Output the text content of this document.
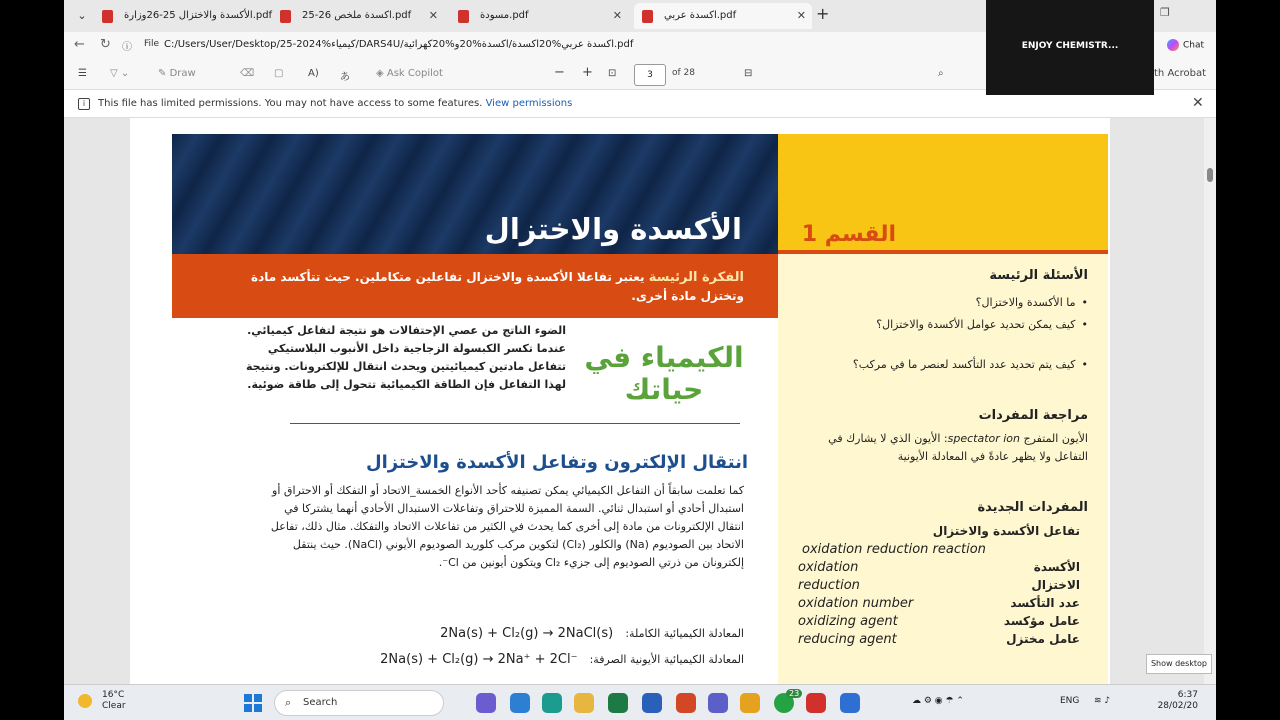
⌄	الأكسدة والاختزال 25-26وزارة.pdf	اكسدة ملخص 26-25.pdf ✕	مسودة.pdf	✕	اكسدة عربي.pdf	✕ +	❐
← ↻ ⓘ File C:/Users/User/Desktop/25-2024%كيمياء/DARS4U/اكسدة عربي%20اكسدة/اكسدة%20و%20كهرائية.pdf	Chat
☰ ▽ ⌄	✎ Draw	⌫ ▢ A) あ	◈ Ask Copilot	− + ⊡	3	of 28	⊟	⌕	th Acrobat
i	This file has limited permissions. You may not have access to some features. View permissions	✕
الأكسدة والاختزال	القسم 1
الأسئلة الرئيسة
•ما الأكسدة والاختزال؟
•كيف يمكن تحديد عوامل الأكسدة والاختزال؟
•كيف يتم تحديد عدد التأكسد لعنصر ما في مركب؟
مراجعة المفردات
الأيون المتفرج spectator ion: الأيون الذي لا يشارك في التفاعل ولا يظهر عادةً في المعادلة الأيونية
المفردات الجديدة
تفاعل الأكسدة والاختزال
oxidation reduction reaction
oxidation	الأكسدة
reduction	الاختزال
oxidation number	عدد التأكسد
oxidizing agent	عامل مؤكسد
reducing agent	عامل مختزل
الفكرة الرئيسة يعتبر تفاعلا الأكسدة والاختزال تفاعلين متكاملين. حيث تتأكسد مادة وتختزل مادة أخرى.
الكيمياء في حياتك
الضوء الناتج من عصي الإحتفالات هو نتيجة لتفاعل كيميائي. عندما تكسر الكبسولة الزجاجية داخل الأنبوب البلاستيكي تتفاعل مادتين كيميائيتين ويحدث انتقال للإلكترونات. ونتيجة لهذا التفاعل فإن الطاقة الكيميائية تتحول إلى طاقة ضوئية.
انتقال الإلكترون وتفاعل الأكسدة والاختزال
كما تعلمت سابقاً أن التفاعل الكيميائي يمكن تصنيفه كأحد الأنواع الخمسة_الاتحاد أو التفكك أو الاحتراق أو استبدال أحادي أو استبدال ثنائي. السمة المميزة للاحتراق وتفاعلات الاستبدال الأحادي أنهما يشتركا في انتقال الإلكترونات من مادة إلى أخرى كما يحدث في الكثير من تفاعلات الاتحاد والتفكك. مثال ذلك، تفاعل الاتحاد بين الصوديوم (Na) والكلور (Cl₂) لتكوين مركب كلوريد الصوديوم الأيوني (NaCl). حيث ينتقل إلكترونان من ذرتي الصوديوم إلى جزيء Cl₂ ويتكون أيونين من Cl⁻.
المعادلة الكيميائية الكاملة: 2Na(s) + Cl₂(g) → 2NaCl(s)
المعادلة الكيميائية الأيونية الصرفة: 2Na(s) + Cl₂(g) → 2Na⁺ + 2Cl⁻
ENJOY CHEMISTR...
Show desktop
16°C
Clear	⌕ Search
23
☁ ⚙ ◉ ☂ ⌃	ENG ≋ ♪
6:37
28/02/20
